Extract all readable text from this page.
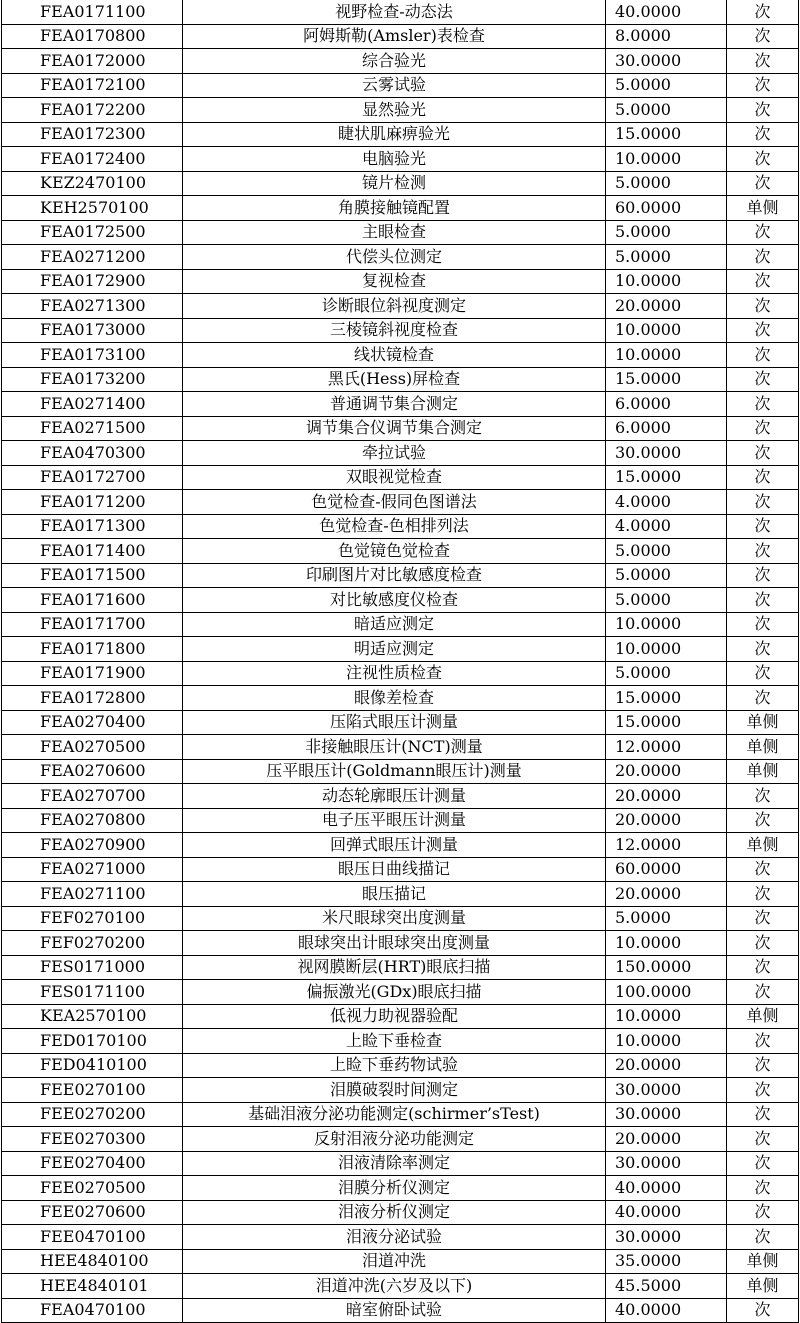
FEA0171100	视野检查-动态法	40.0000	次
FEA0170800	阿姆斯勒(Amsler)表检查	8.0000	次
FEA0172000	综合验光	30.0000	次
FEA0172100	云雾试验	5.0000	次
FEA0172200	显然验光	5.0000	次
FEA0172300	睫状肌麻痹验光	15.0000	次
FEA0172400	电脑验光	10.0000	次
KEZ2470100	镜片检测	5.0000	次
KEH2570100	角膜接触镜配置	60.0000	单侧
FEA0172500	主眼检查	5.0000	次
FEA0271200	代偿头位测定	5.0000	次
FEA0172900	复视检查	10.0000	次
FEA0271300	诊断眼位斜视度测定	20.0000	次
FEA0173000	三棱镜斜视度检查	10.0000	次
FEA0173100	线状镜检查	10.0000	次
FEA0173200	黑氏(Hess)屏检查	15.0000	次
FEA0271400	普通调节集合测定	6.0000	次
FEA0271500	调节集合仪调节集合测定	6.0000	次
FEA0470300	牵拉试验	30.0000	次
FEA0172700	双眼视觉检查	15.0000	次
FEA0171200	色觉检查-假同色图谱法	4.0000	次
FEA0171300	色觉检查-色相排列法	4.0000	次
FEA0171400	色觉镜色觉检查	5.0000	次
FEA0171500	印刷图片对比敏感度检查	5.0000	次
FEA0171600	对比敏感度仪检查	5.0000	次
FEA0171700	暗适应测定	10.0000	次
FEA0171800	明适应测定	10.0000	次
FEA0171900	注视性质检查	5.0000	次
FEA0172800	眼像差检查	15.0000	次
FEA0270400	压陷式眼压计测量	15.0000	单侧
FEA0270500	非接触眼压计(NCT)测量	12.0000	单侧
FEA0270600	压平眼压计(Goldmann眼压计)测量	20.0000	单侧
FEA0270700	动态轮廓眼压计测量	20.0000	次
FEA0270800	电子压平眼压计测量	20.0000	次
FEA0270900	回弹式眼压计测量	12.0000	单侧
FEA0271000	眼压日曲线描记	60.0000	次
FEA0271100	眼压描记	20.0000	次
FEF0270100	米尺眼球突出度测量	5.0000	次
FEF0270200	眼球突出计眼球突出度测量	10.0000	次
FES0171000	视网膜断层(HRT)眼底扫描	150.0000	次
FES0171100	偏振激光(GDx)眼底扫描	100.0000	次
KEA2570100	低视力助视器验配	10.0000	单侧
FED0170100	上睑下垂检查	10.0000	次
FED0410100	上睑下垂药物试验	20.0000	次
FEE0270100	泪膜破裂时间测定	30.0000	次
FEE0270200	基础泪液分泌功能测定(schirmer’sTest)	30.0000	次
FEE0270300	反射泪液分泌功能测定	20.0000	次
FEE0270400	泪液清除率测定	30.0000	次
FEE0270500	泪膜分析仪测定	40.0000	次
FEE0270600	泪液分析仪测定	40.0000	次
FEE0470100	泪液分泌试验	30.0000	次
HEE4840100	泪道冲洗	35.0000	单侧
HEE4840101	泪道冲洗(六岁及以下)	45.5000	单侧
FEA0470100	暗室俯卧试验	40.0000	次
